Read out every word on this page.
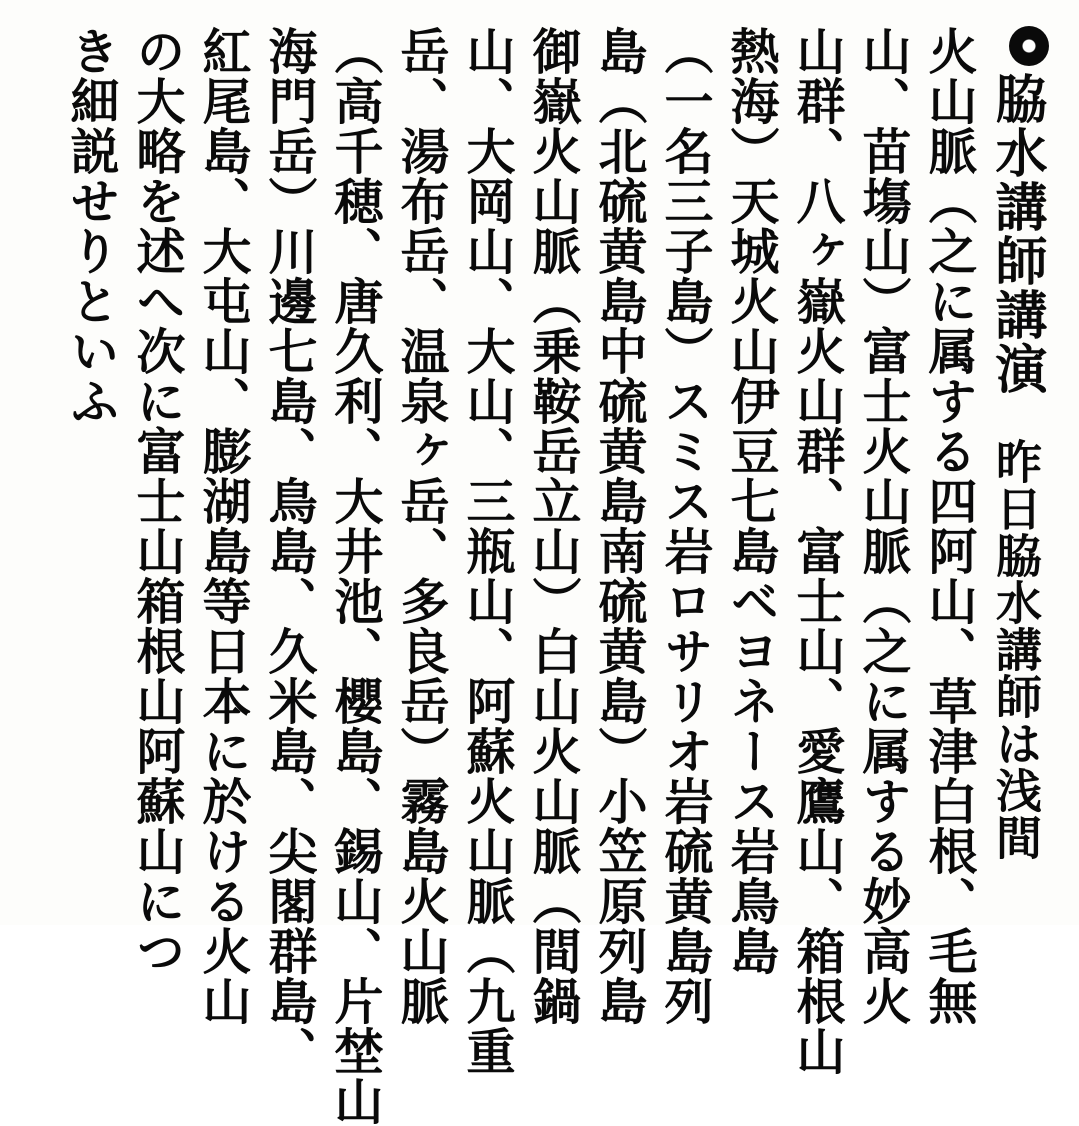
脇水講師講演昨日脇水講師は浅間

火山脈（之に属する四阿山、草津白根、毛無

山、苗塲山）富士火山脈（之に属する妙高火

山群、八ヶ嶽火山群、富士山、愛鷹山、箱根山

熱海）天城火山伊豆七島ベヨネース岩鳥島

（一名三子島）スミス岩ロサリオ岩硫黄島列

島（北硫黄島中硫黄島南硫黄島）小笠原列島

御嶽火山脈（乗鞍岳立山）白山火山脈（間鍋

山、大岡山、大山、三瓶山、阿蘇火山脈（九重

岳、湯布岳、温泉ヶ岳、多良岳）霧島火山脈

（高千穂、唐久利、大井池、櫻島、錫山、片埜山

海門岳）川邊七島、鳥島、久米島、尖閣群島、

紅尾島、大屯山、膨湖島等日本に於ける火山

の大略を述へ次に富士山箱根山阿蘇山につ

き細説せりといふ
